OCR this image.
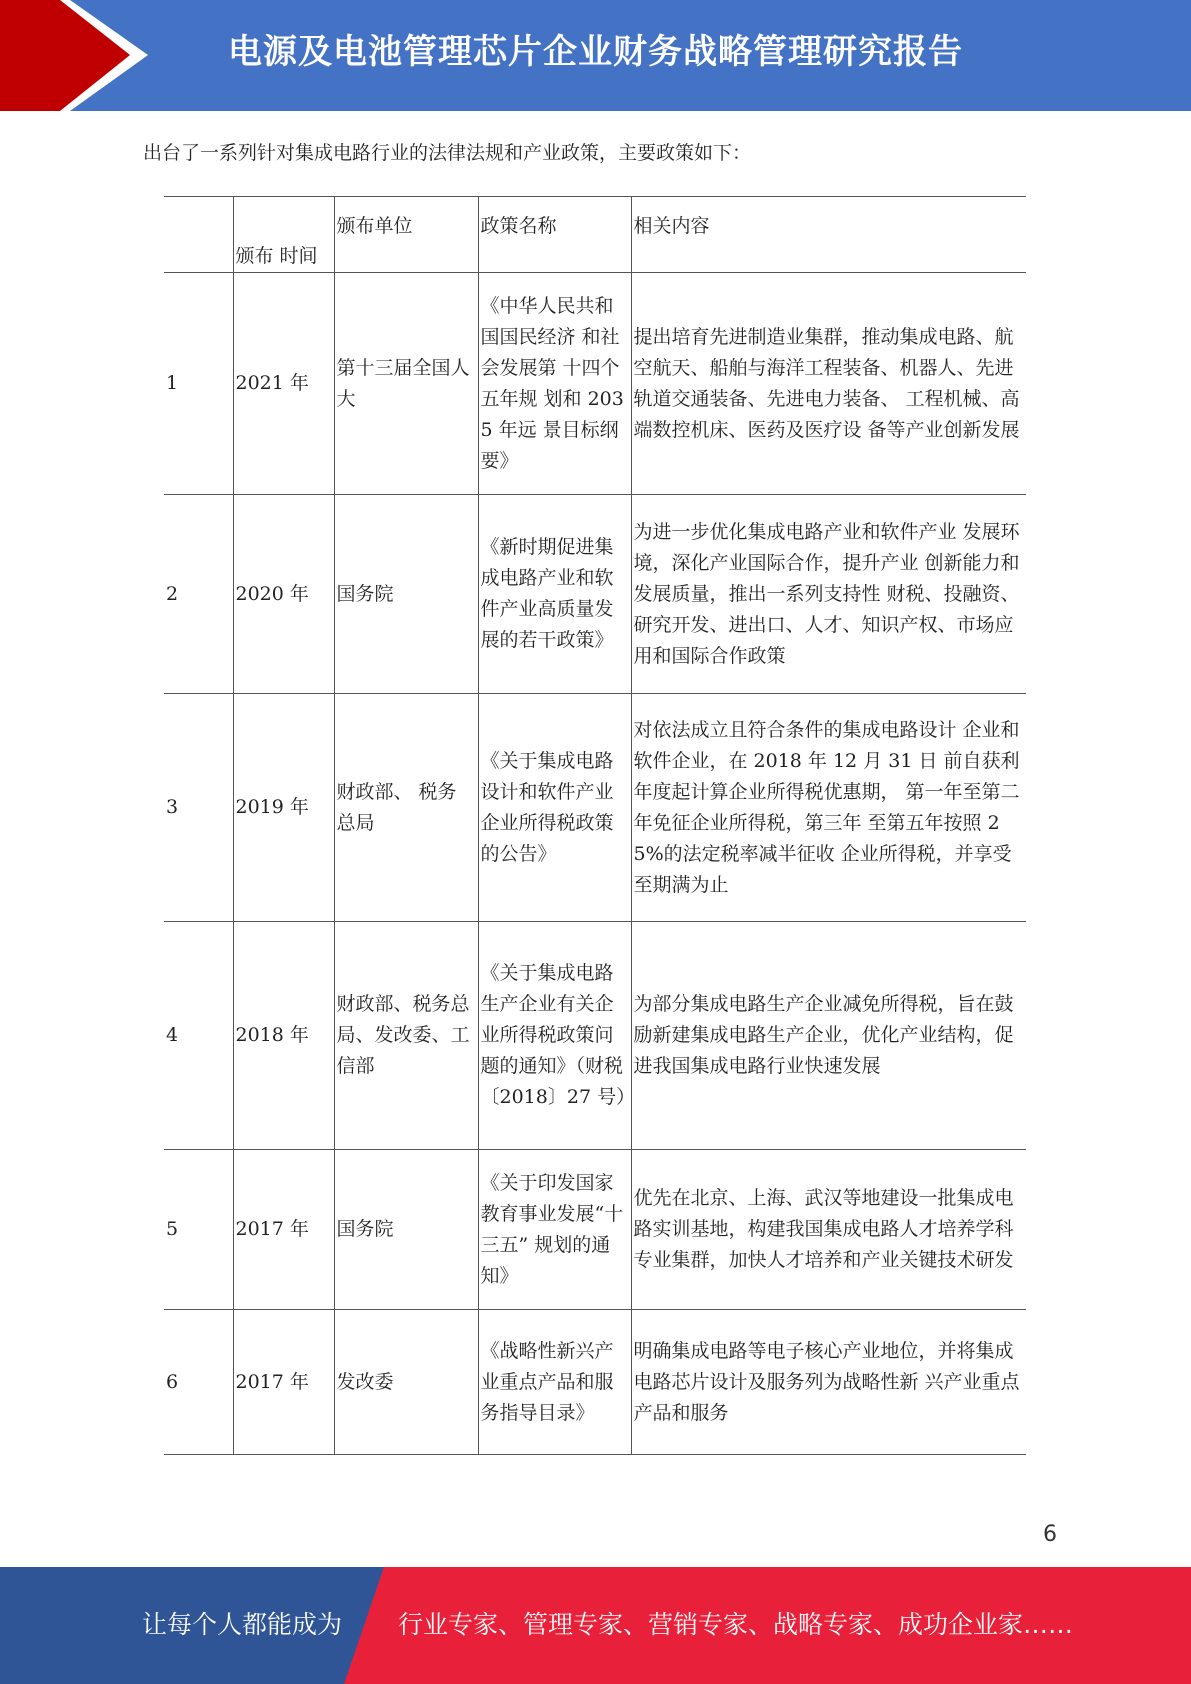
电源及电池管理芯片企业财务战略管理研究报告
出台了一系列针对集成电路行业的法律法规和产业政策，主要政策如下：
	颁布 时间	颁布单位	政策名称	相关内容
1	2021 年	第十三届全国人大	《中华人民共和国国民经济 和社会发展第 十四个五年规 划和 2035 年远 景目标纲要》	提出培育先进制造业集群，推动集成电路、航空航天、船舶与海洋工程装备、机器人、先进轨道交通装备、先进电力装备、 工程机械、高端数控机床、医药及医疗设 备等产业创新发展
2	2020 年	国务院	《新时期促进集成电路产业和软件产业高质量发展的若干政策》	为进一步优化集成电路产业和软件产业 发展环境，深化产业国际合作，提升产业 创新能力和发展质量，推出一系列支持性 财税、投融资、研究开发、进出口、人才、知识产权、市场应用和国际合作政策
3	2019 年	财政部、 税务总局	《关于集成电路设计和软件产业企业所得税政策的公告》	对依法成立且符合条件的集成电路设计 企业和软件企业，在 2018 年 12 月 31 日 前自获利年度起计算企业所得税优惠期， 第一年至第二年免征企业所得税，第三年 至第五年按照 25%的法定税率减半征收 企业所得税，并享受至期满为止
4	2018 年	财政部、税务总局、发改委、工信部	《关于集成电路生产企业有关企业所得税政策问题的通知》（财税〔2018〕27 号）	为部分集成电路生产企业减免所得税，旨在鼓励新建集成电路生产企业，优化产业结构，促进我国集成电路行业快速发展
5	2017 年	国务院	《关于印发国家教育事业发展“十三五” 规划的通知》	优先在北京、上海、武汉等地建设一批集成电路实训基地，构建我国集成电路人才培养学科专业集群，加快人才培养和产业关键技术研发
6	2017 年	发改委	《战略性新兴产业重点产品和服务指导目录》	明确集成电路等电子核心产业地位，并将集成电路芯片设计及服务列为战略性新 兴产业重点产品和服务
6
让每个人都能成为 行业专家、管理专家、营销专家、战略专家、成功企业家……
